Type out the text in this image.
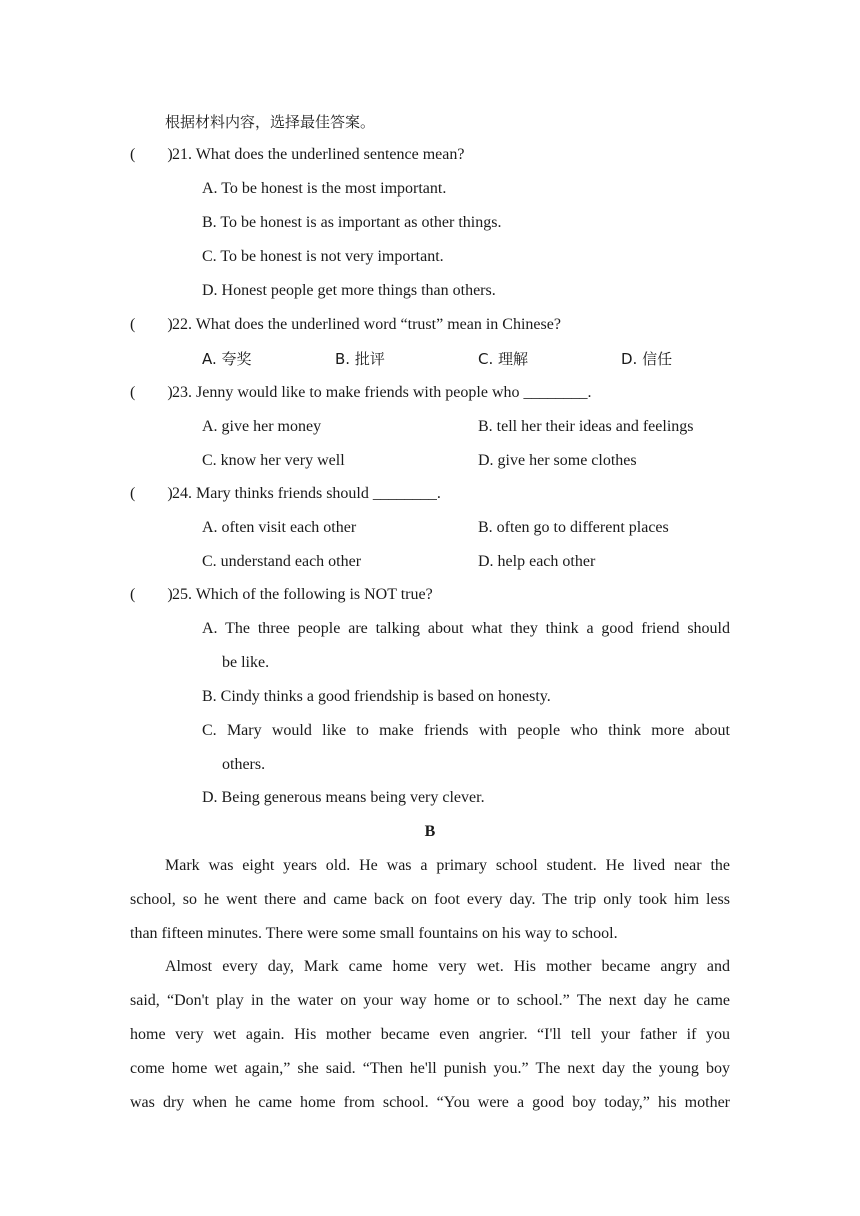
根据材料内容，选择最佳答案。
(        )21. What does the underlined sentence mean?
A. To be honest is the most important.
B. To be honest is as important as other things.
C. To be honest is not very important.
D. Honest people get more things than others.
(        )22. What does the underlined word “trust” mean in Chinese?
A. 夸奖	B. 批评	C. 理解	D. 信任
(        )23. Jenny would like to make friends with people who ________.
A. give her money	B. tell her their ideas and feelings
C. know her very well	D. give her some clothes
(        )24. Mary thinks friends should ________.
A. often visit each other	B. often go to different places
C. understand each other	D. help each other
(        )25. Which of the following is NOT true?
A. The three people are talking about what they think a good friend should
be like.
B. Cindy thinks a good friendship is based on honesty.
C. Mary would like to make friends with people who think more about
others.
D. Being generous means being very clever.
B
Mark was eight years old. He was a primary school student. He lived near the
school, so he went there and came back on foot every day. The trip only took him less
than fifteen minutes. There were some small fountains on his way to school.
Almost every day, Mark came home very wet. His mother became angry and
said, “Don't play in the water on your way home or to school.” The next day he came
home very wet again. His mother became even angrier. “I'll tell your father if you
come home wet again,” she said. “Then he'll punish you.” The next day the young boy
was dry when he came home from school. “You were a good boy today,” his mother
